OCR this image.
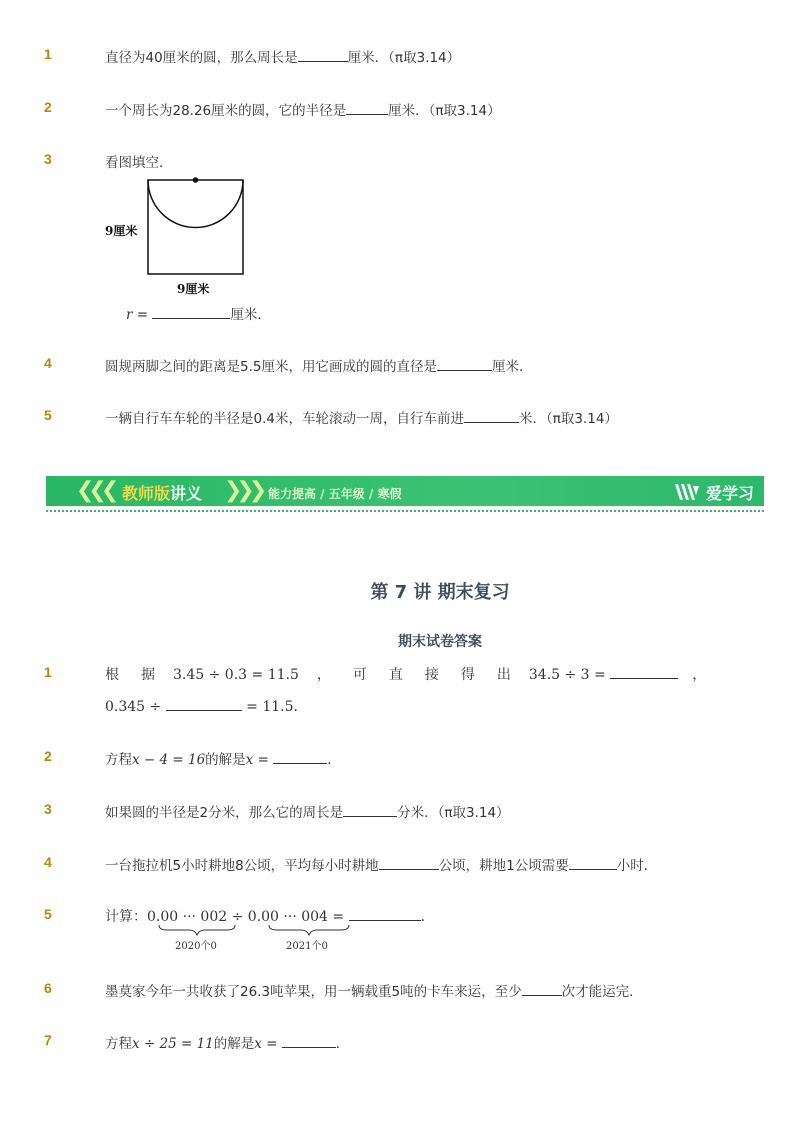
1	直径为40厘米的圆，那么周长是	厘米．（π取3.14）
2	一个周长为28.26厘米的圆，它的半径是	厘米．（π取3.14）
3	看图填空．
9厘米
9厘米
r =	厘米．
4	圆规两脚之间的距离是5.5厘米，用它画成的圆的直径是	厘米．
5	一辆自行车车轮的半径是0.4米，车轮滚动一周，自行车前进	米．（π取3.14）
❮❮❮ 教师版讲义 ❯❯❯ 能力提高 / 五年级 / 寒假	爱学习
第 7 讲 期末复习
期末试卷答案
1	根 据 3.45 ÷ 0.3 = 11.5 ， 可 直 接 得 出 34.5 ÷ 3 =	，
0.345 ÷	= 11.5．
2	方程x − 4 = 16的解是x =	．
3	如果圆的半径是2分米，那么它的周长是	分米．（π取3.14）
4	一台拖拉机5小时耕地8公顷，平均每小时耕地	公顷，耕地1公顷需要	小时．
5	计算：0.00 ··· 002 ÷ 0.00 ··· 004 =	．
2020个0	2021个0
6	墨莫家今年一共收获了26.3吨苹果，用一辆载重5吨的卡车来运，至少	次才能运完．
7	方程x ÷ 25 = 11的解是x =	．
